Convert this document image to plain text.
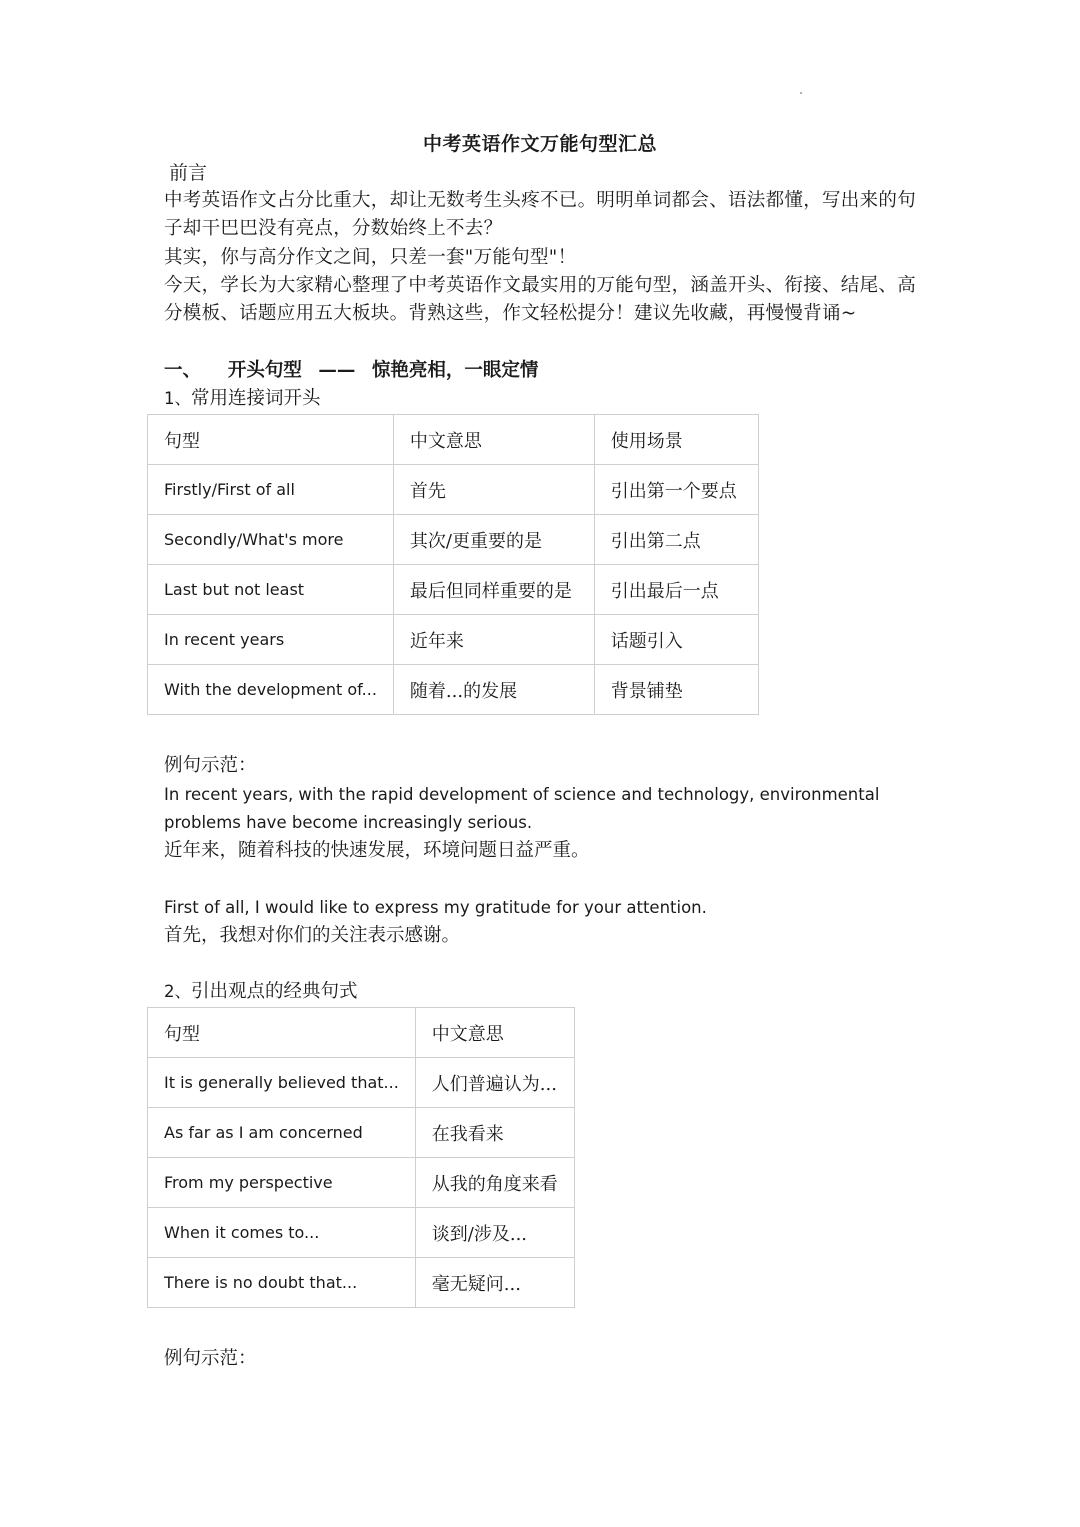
中考英语作文万能句型汇总
前言
中考英语作文占分比重大，却让无数考生头疼不已。明明单词都会、语法都懂，写出来的句子却干巴巴没有亮点，分数始终上不去？
其实，你与高分作文之间，只差一套"万能句型"！
今天，学长为大家精心整理了中考英语作文最实用的万能句型，涵盖开头、衔接、结尾、高分模板、话题应用五大板块。背熟这些，作文轻松提分！建议先收藏，再慢慢背诵~
一、 开头句型 —— 惊艳亮相，一眼定情
1、常用连接词开头
句型	中文意思	使用场景
Firstly/First of all	首先	引出第一个要点
Secondly/What's more	其次/更重要的是	引出第二点
Last but not least	最后但同样重要的是	引出最后一点
In recent years	近年来	话题引入
With the development of...	随着...的发展	背景铺垫
例句示范：
In recent years, with the rapid development of science and technology, environmental problems have become increasingly serious.
近年来，随着科技的快速发展，环境问题日益严重。
First of all, I would like to express my gratitude for your attention.
首先，我想对你们的关注表示感谢。
2、引出观点的经典句式
句型	中文意思
It is generally believed that...	人们普遍认为...
As far as I am concerned	在我看来
From my perspective	从我的角度来看
When it comes to...	谈到/涉及...
There is no doubt that...	毫无疑问...
例句示范：
